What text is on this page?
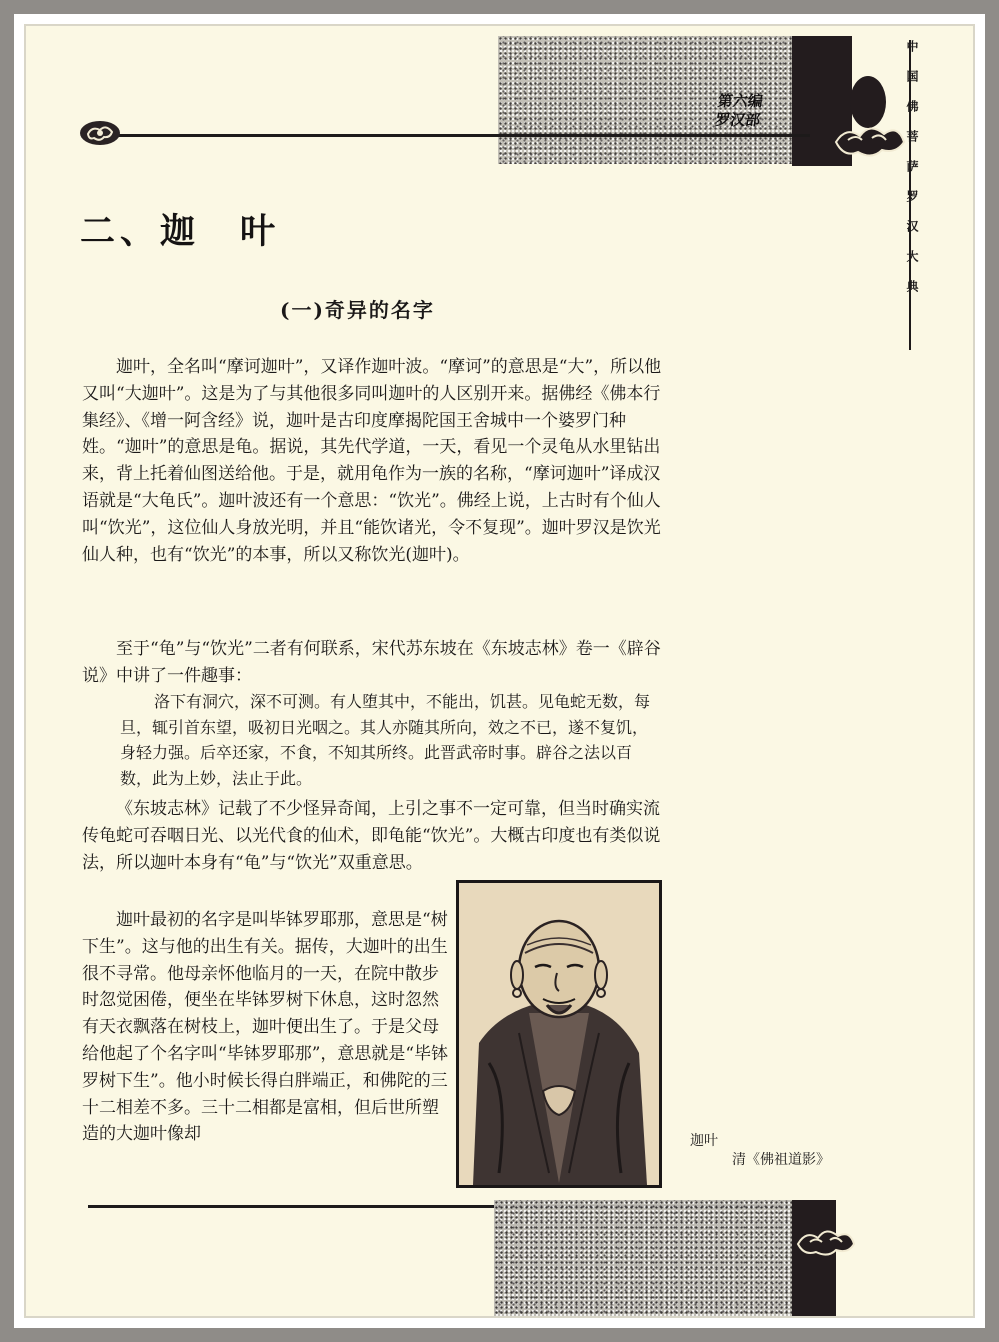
第六编
罗汉部	中国佛菩萨罗汉大典
二、迦　叶
(一)奇异的名字

迦叶，全名叫“摩诃迦叶”，又译作迦叶波。“摩诃”的意思是“大”，所以他又叫“大迦叶”。这是为了与其他很多同叫迦叶的人区别开来。据佛经《佛本行集经》、《增一阿含经》说，迦叶是古印度摩揭陀国王舍城中一个婆罗门种姓。“迦叶”的意思是龟。据说，其先代学道，一天，看见一个灵龟从水里钻出来，背上托着仙图送给他。于是，就用龟作为一族的名称，“摩诃迦叶”译成汉语就是“大龟氏”。迦叶波还有一个意思：“饮光”。佛经上说，上古时有个仙人叫“饮光”，这位仙人身放光明，并且“能饮诸光，令不复现”。迦叶罗汉是饮光仙人种，也有“饮光”的本事，所以又称饮光(迦叶)。

至于“龟”与“饮光”二者有何联系，宋代苏东坡在《东坡志林》卷一《辟谷说》中讲了一件趣事：

洛下有洞穴，深不可测。有人堕其中，不能出，饥甚。见龟蛇无数，每旦，辄引首东望，吸初日光咽之。其人亦随其所向，效之不已，遂不复饥，身轻力强。后卒还家，不食，不知其所终。此晋武帝时事。辟谷之法以百数，此为上妙，法止于此。

《东坡志林》记载了不少怪异奇闻，上引之事不一定可靠，但当时确实流传龟蛇可吞咽日光、以光代食的仙术，即龟能“饮光”。大概古印度也有类似说法，所以迦叶本身有“龟”与“饮光”双重意思。

迦叶最初的名字是叫毕钵罗耶那，意思是“树下生”。这与他的出生有关。据传，大迦叶的出生很不寻常。他母亲怀他临月的一天，在院中散步时忽觉困倦，便坐在毕钵罗树下休息，这时忽然有天衣飘落在树枝上，迦叶便出生了。于是父母给他起了个名字叫“毕钵罗耶那”，意思就是“毕钵罗树下生”。他小时候长得白胖端正，和佛陀的三十二相差不多。三十二相都是富相，但后世所塑造的大迦叶像却	迦叶
清《佛祖道影》
